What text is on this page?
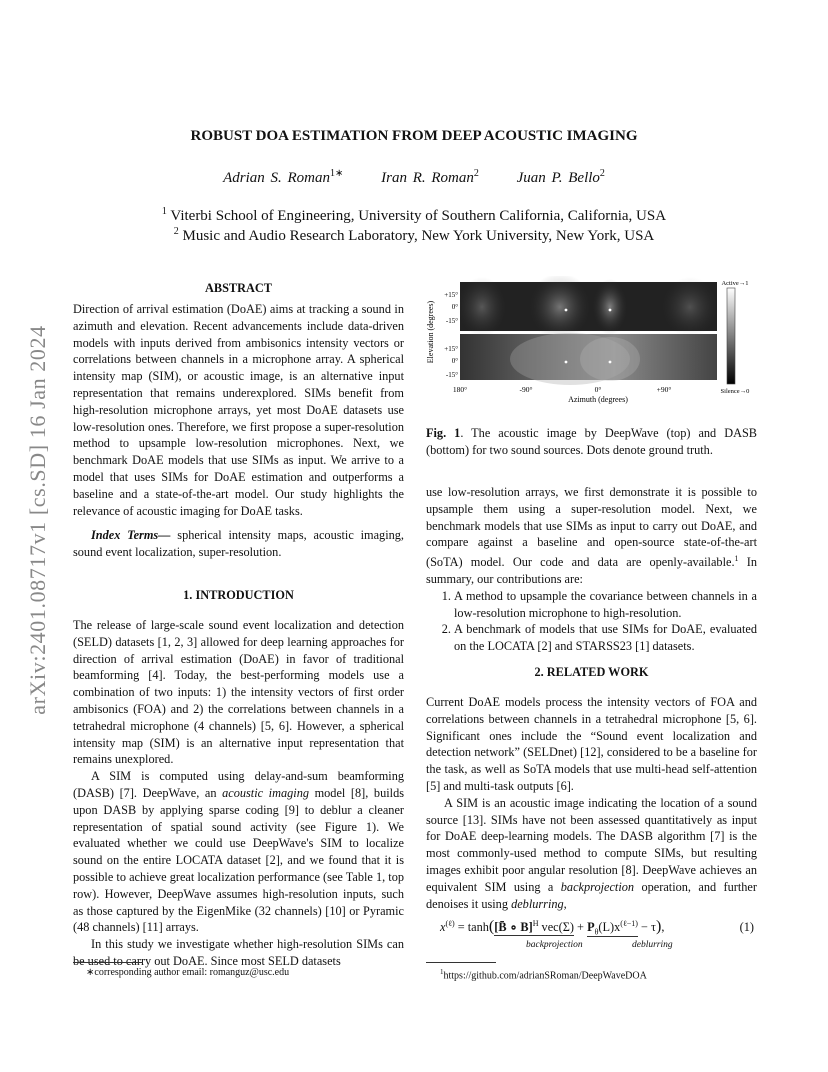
arXiv:2401.08717v1 [cs.SD] 16 Jan 2024
ROBUST DOA ESTIMATION FROM DEEP ACOUSTIC IMAGING
Adrian S. Roman$^{1∗}$	Iran R. Roman$^2$	Juan P. Bello$^2$
$^1$ Viterbi School of Engineering, University of Southern California, California, USA
$^2$ Music and Audio Research Laboratory, New York University, New York, USA
ABSTRACT

Direction of arrival estimation (DoAE) aims at tracking a sound in azimuth and elevation. Recent advancements include data-driven models with inputs derived from ambisonics intensity vectors or correlations between channels in a microphone array. A spherical intensity map (SIM), or acoustic image, is an alternative input representation that remains underexplored. SIMs benefit from high-resolution microphone arrays, yet most DoAE datasets use low-resolution ones. Therefore, we first propose a super-resolution method to upsample low-resolution microphones. Next, we benchmark DoAE models that use SIMs as input. We arrive to a model that uses SIMs for DoAE estimation and outperforms a baseline and a state-of-the-art model. Our study highlights the relevance of acoustic imaging for DoAE tasks.

Index Terms— spherical intensity maps, acoustic imaging, sound event localization, super-resolution.

1. INTRODUCTION

The release of large-scale sound event localization and detection (SELD) datasets [1, 2, 3] allowed for deep learning approaches for direction of arrival estimation (DoAE) in favor of traditional beamforming [4]. Today, the best-performing models use a combination of two inputs: 1) the intensity vectors of first order ambisonics (FOA) and 2) the correlations between channels in a tetrahedral microphone (4 channels) [5, 6]. However, a spherical intensity map (SIM) is an alternative input representation that remains unexplored.

A SIM is computed using delay-and-sum beamforming (DASB) [7]. DeepWave, an acoustic imaging model [8], builds upon DASB by applying sparse coding [9] to deblur a cleaner representation of spatial sound activity (see Figure 1). We evaluated whether we could use DeepWave's SIM to localize sound on the entire LOCATA dataset [2], and we found that it is possible to achieve great localization performance (see Table 1, top row). However, DeepWave assumes high-resolution inputs, such as those captured by the EigenMike (32 channels) [10] or Pyramic (48 channels) [11] arrays.

In this study we investigate whether high-resolution SIMs can be used to carry out DoAE. Since most SELD datasets

∗corresponding author email: romanguz@usc.edu
Elevation (degrees)
+15°
0°
-15°
+15°
0°
-15°
180°	-90°	0°	+90°
Azimuth (degrees)
Active→1
Silence→0

Fig. 1. The acoustic image by DeepWave (top) and DASB (bottom) for two sound sources. Dots denote ground truth.

use low-resolution arrays, we first demonstrate it is possible to upsample them using a super-resolution model. Next, we benchmark models that use SIMs as input to carry out DoAE, and compare against a baseline and open-source state-of-the-art (SoTA) model. Our code and data are openly-available.$^1$ In summary, our contributions are:

1. A method to upsample the covariance between channels in a low-resolution microphone to high-resolution.
2. A benchmark of models that use SIMs for DoAE, evaluated on the LOCATA [2] and STARSS23 [1] datasets.
2. RELATED WORK

Current DoAE models process the intensity vectors of FOA and correlations between channels in a tetrahedral microphone [5, 6]. Significant ones include the “Sound event localization and detection network” (SELDnet) [12], considered to be a baseline for the task, as well as SoTA models that use multi-head self-attention [5] and multi-task outputs [6].

A SIM is an acoustic image indicating the location of a sound source [13]. SIMs have not been assessed quantitatively as input for DoAE deep-learning models. The DASB algorithm [7] is the most commonly-used method to compute SIMs, but resulting images exhibit poor angular resolution [8]. DeepWave achieves an equivalent SIM using a backprojection operation, and further denoises it using deblurring,

$x^{(\ell)}$ = tanh([B̄ ∘ B]$^H$ $vec(\Sigma) + P_\theta(L)x^{(\ell-1)} - \tau$),	(1)
backprojection	deblurring
$^1$https://github.com/adrianSRoman/DeepWaveDOA
